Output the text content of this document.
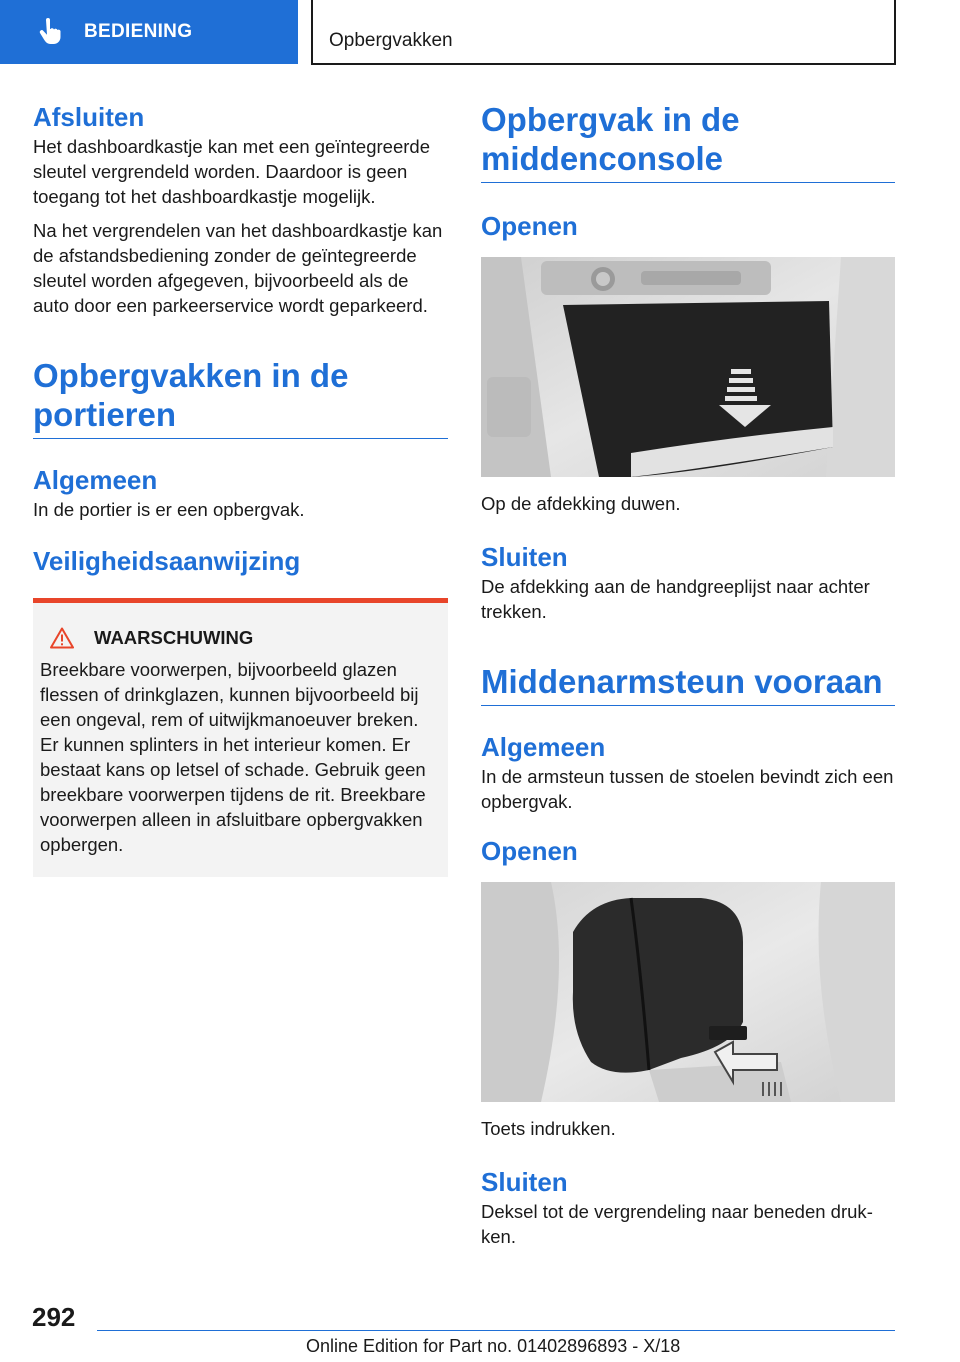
BEDIENING	Opbergvakken
Afsluiten

Het dashboardkastje kan met een geïntegreerde sleutel vergrendeld worden. Daardoor is geen toegang tot het dashboardkastje mogelijk.

Na het vergrendelen van het dashboardkastje kan de afstandsbediening zonder de geïntegreerde sleutel worden afgegeven, bijvoorbeeld als de auto door een parkeerservice wordt geparkeerd.

Opbergvakken in de portieren
Algemeen

In de portier is er een opbergvak.

Veiligheidsaanwijzing
WAARSCHUWING

Breekbare voorwerpen, bijvoorbeeld glazen flessen of drinkglazen, kunnen bijvoorbeeld bij een ongeval, rem of uitwijkmanoeuver breken. Er kunnen splinters in het interieur komen. Er bestaat kans op letsel of schade. Gebruik geen breekbare voorwerpen tijdens de rit. Breekbare voorwerpen alleen in afsluitbare opbergvakken opbergen.

Opbergvak in de middenconsole
Openen

Op de afdekking duwen.

Sluiten

De afdekking aan de handgreeplijst naar achter trekken.

Middenarmsteun vooraan
Algemeen

In de armsteun tussen de stoelen bevindt zich een opbergvak.

Openen

Toets indrukken.

Sluiten

Deksel tot de vergrendeling naar beneden drukken.

292
Online Edition for Part no. 01402896893 - X/18
